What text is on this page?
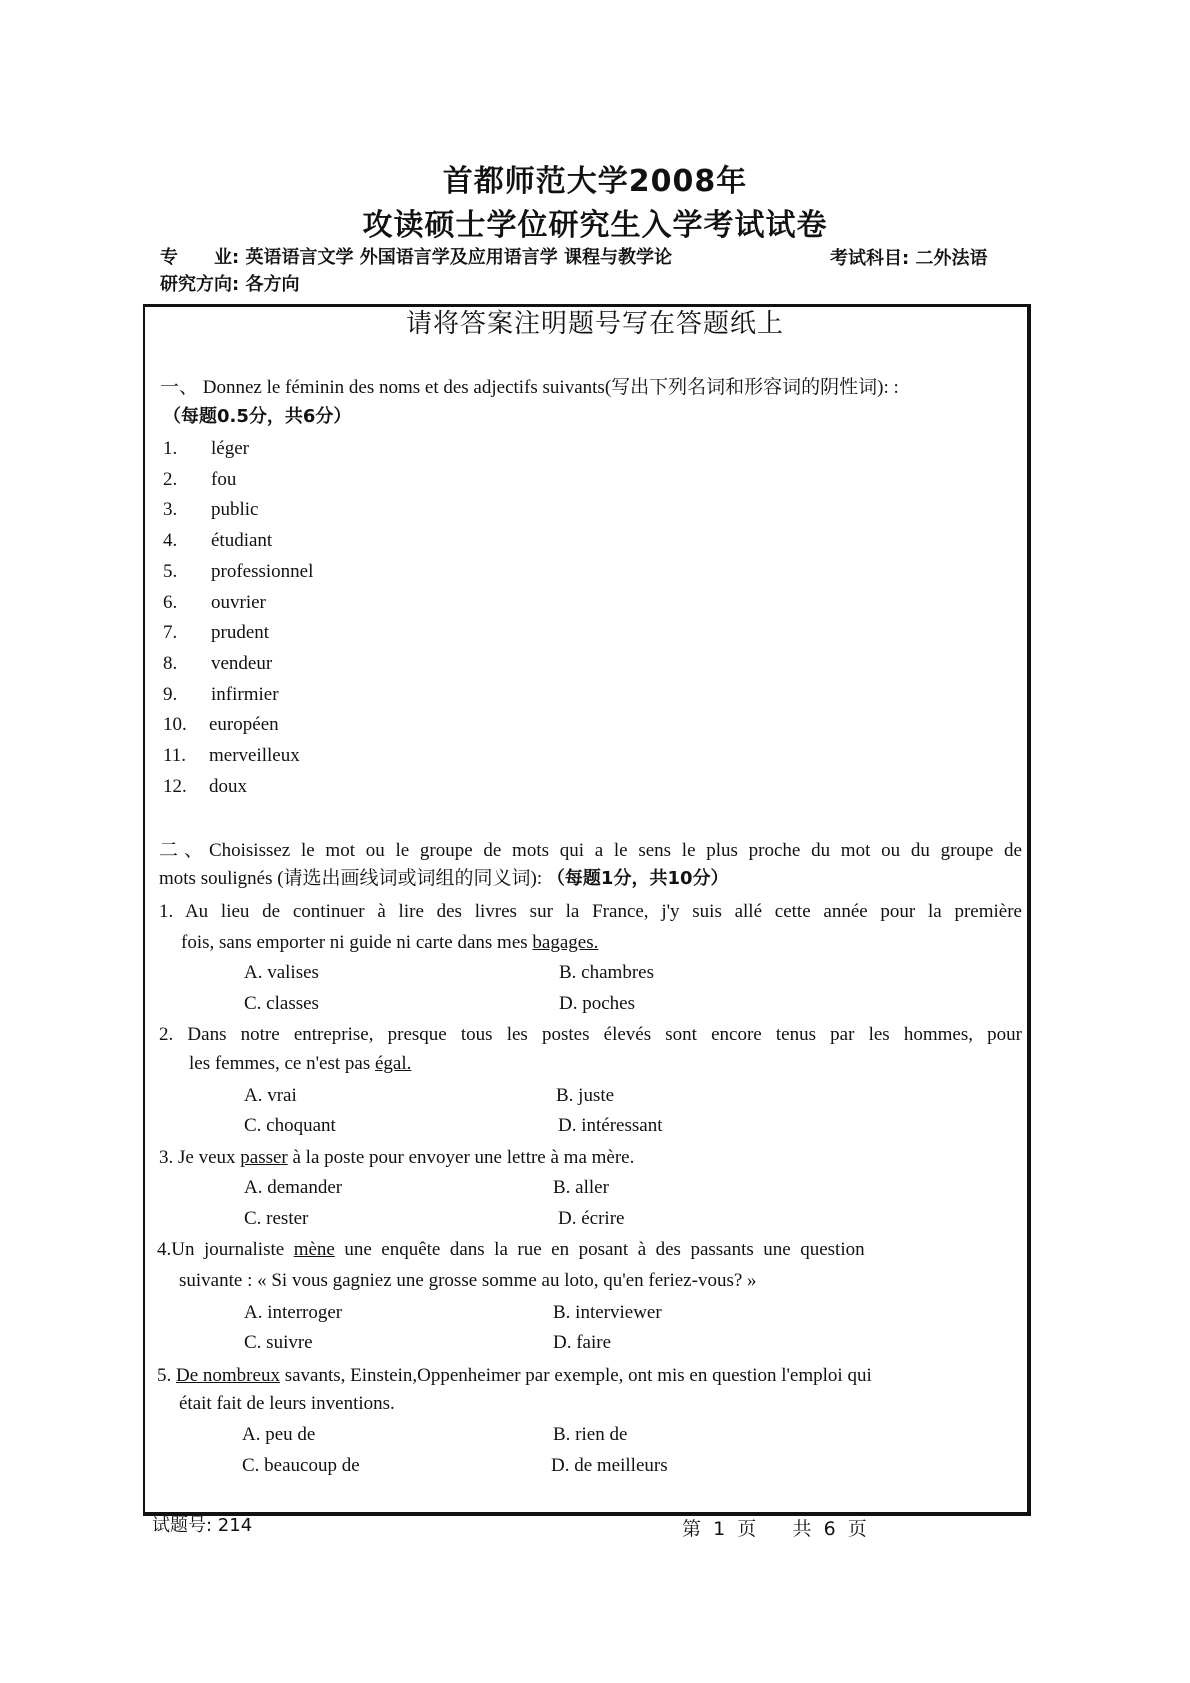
首都师范大学2008年
攻读硕士学位研究生入学考试试卷
专　　业: 英语语言文学 外国语言学及应用语言学 课程与教学论	考试科目: 二外法语
研究方向: 各方向
请将答案注明题号写在答题纸上
一、 Donnez le féminin des noms et des adjectifs suivants(写出下列名词和形容词的阴性词): :
（每题0.5分，共6分）
1. léger
2. fou
3. public
4. étudiant
5. professionnel
6. ouvrier
7. prudent
8. vendeur
9. infirmier
10. européen
11. merveilleux
12. doux
二、Choisissez le mot ou le groupe de mots qui a le sens le plus proche du mot ou du groupe de
mots soulignés (请选出画线词或词组的同义词): （每题1分，共10分）
1. Au lieu de continuer à lire des livres sur la France, j'y suis allé cette année pour la première
fois, sans emporter ni guide ni carte dans mes bagages.
A. valises	B. chambres
C. classes	D. poches
2. Dans notre entreprise, presque tous les postes élevés sont encore tenus par les hommes, pour
les femmes, ce n'est pas égal.
A. vrai	B. juste
C. choquant	D. intéressant
3. Je veux passer à la poste pour envoyer une lettre à ma mère.
A. demander	B. aller
C. rester	D. écrire
4.Un  journaliste  mène  une  enquête  dans  la  rue  en  posant  à  des  passants  une  question
suivante : « Si vous gagniez une grosse somme au loto, qu'en feriez-vous? »
A. interroger	B. interviewer
C. suivre	D. faire
5. De nombreux savants, Einstein,Oppenheimer par exemple, ont mis en question l'emploi qui
était fait de leurs inventions.
A. peu de	B. rien de
C. beaucoup de	D. de meilleurs
试题号: 214	第  1  页      共  6  页
